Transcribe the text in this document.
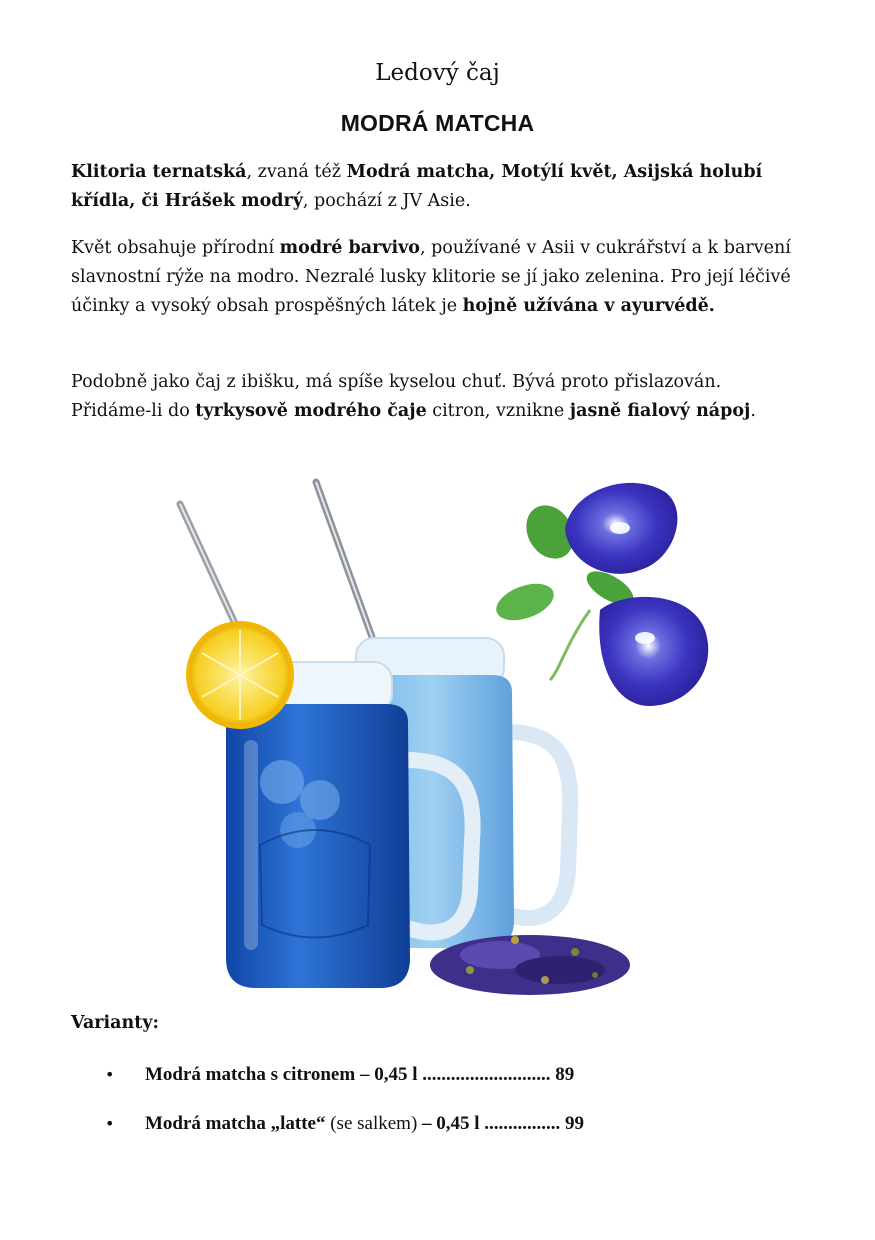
Ledový čaj
MODRÁ MATCHA

Klitoria ternatská, zvaná též Modrá matcha, Motýlí květ, Asijská holubí křídla, či Hrášek modrý, pochází z JV Asie.

Květ obsahuje přírodní modré barvivo, používané v Asii v cukrářství a k barvení slavnostní rýže na modro. Nezralé lusky klitorie se jí jako zelenina. Pro její léčivé účinky a vysoký obsah prospěšných látek je hojně užívána v ayurvédě.

Podobně jako čaj z ibišku, má spíše kyselou chuť. Bývá proto přislazován. Přidáme-li do tyrkysově modrého čaje citron, vznikne jasně fialový nápoj.

Varianty:

•	Modrá matcha s citronem – 0,45 l ........................... 89
•	Modrá matcha „latte“ (se salkem) – 0,45 l ................ 99
